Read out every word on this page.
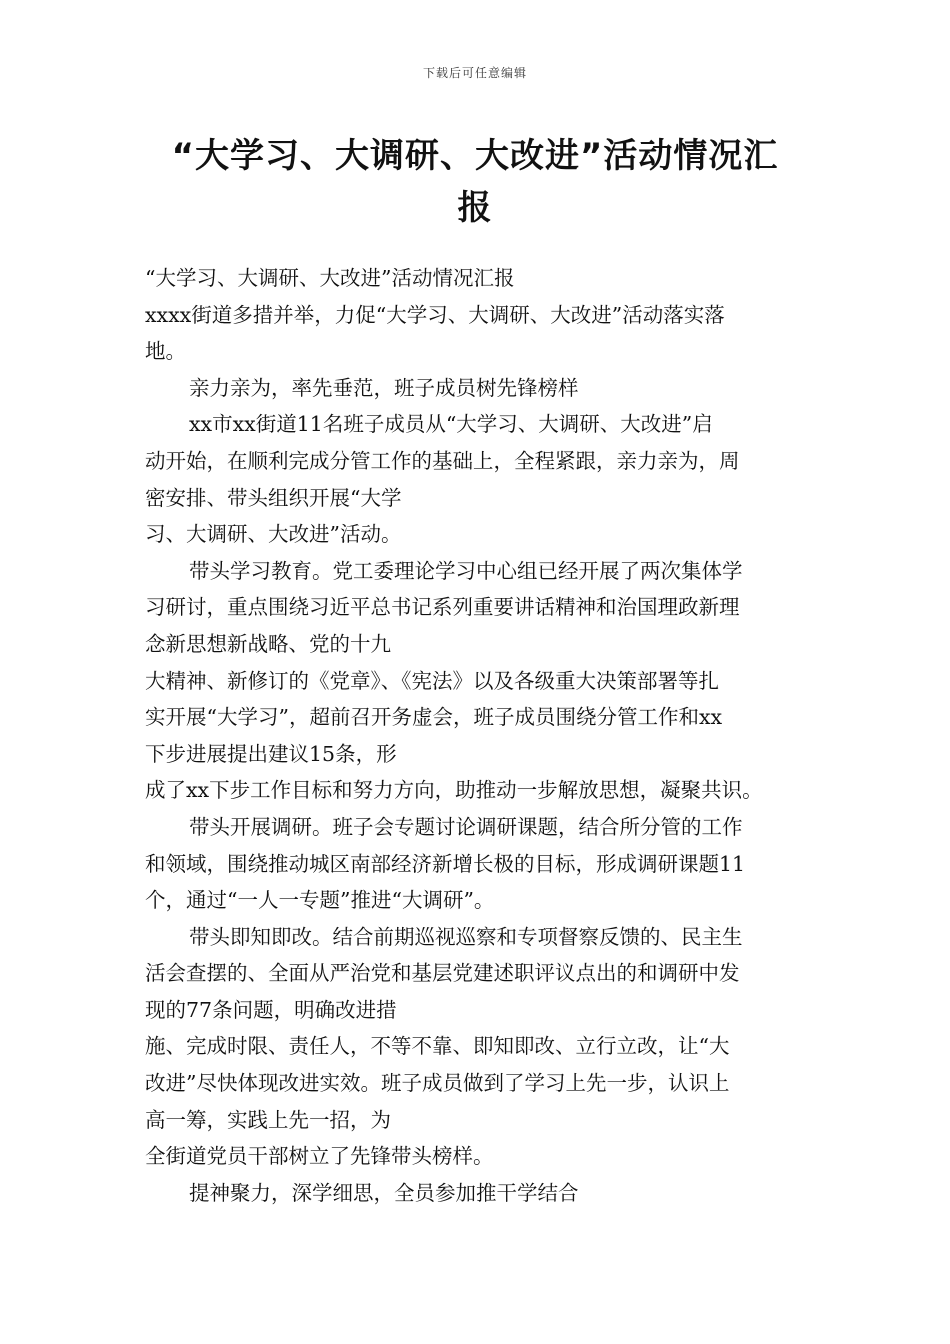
下载后可任意编辑
“大学习、大调研、大改进”活动情况汇
报
“大学习、大调研、大改进”活动情况汇报
xxxx街道多措并举，力促“大学习、大调研、大改进”活动落实落
地。
亲力亲为，率先垂范，班子成员树先锋榜样
xx市xx街道11名班子成员从“大学习、大调研、大改进”启
动开始，在顺利完成分管工作的基础上，全程紧跟，亲力亲为，周
密安排、带头组织开展“大学
习、大调研、大改进”活动。
带头学习教育。党工委理论学习中心组已经开展了两次集体学
习研讨，重点围绕习近平总书记系列重要讲话精神和治国理政新理
念新思想新战略、党的十九
大精神、新修订的《党章》、《宪法》以及各级重大决策部署等扎
实开展“大学习”，超前召开务虚会，班子成员围绕分管工作和xx
下步进展提出建议15条，形
成了xx下步工作目标和努力方向，助推动一步解放思想，凝聚共识。
带头开展调研。班子会专题讨论调研课题，结合所分管的工作
和领域，围绕推动城区南部经济新增长极的目标，形成调研课题11
个，通过“一人一专题”推进“大调研”。
带头即知即改。结合前期巡视巡察和专项督察反馈的、民主生
活会查摆的、全面从严治党和基层党建述职评议点出的和调研中发
现的77条问题，明确改进措
施、完成时限、责任人，不等不靠、即知即改、立行立改，让“大
改进”尽快体现改进实效。班子成员做到了学习上先一步，认识上
高一筹，实践上先一招，为
全街道党员干部树立了先锋带头榜样。
提神聚力，深学细思，全员参加推干学结合
